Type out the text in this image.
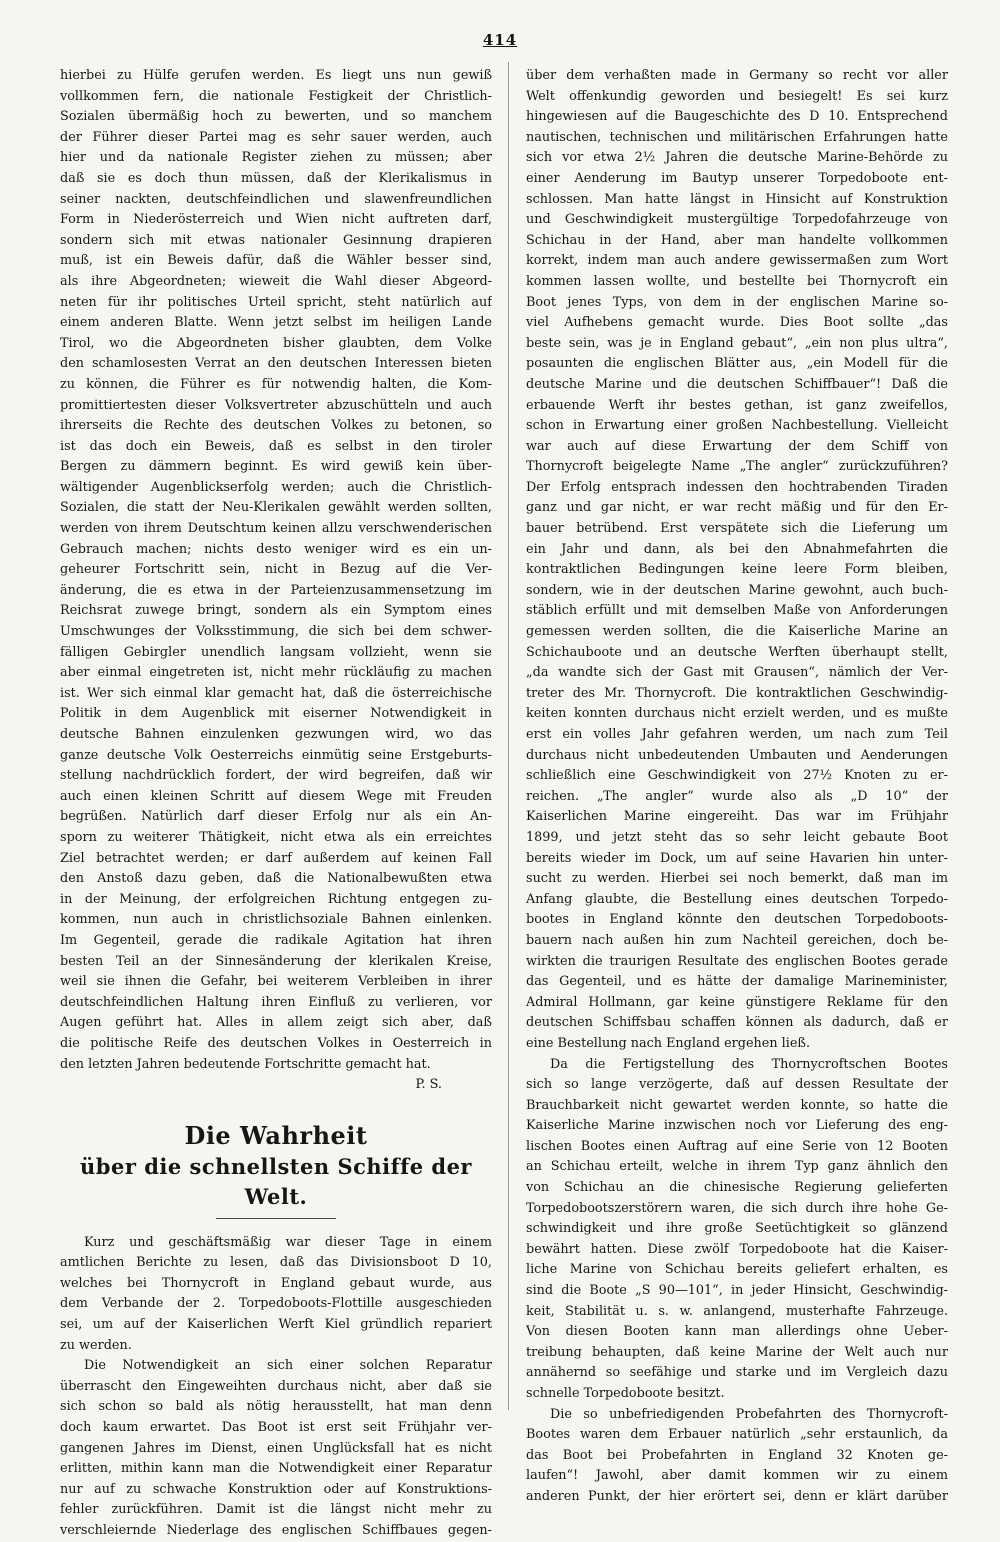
414
hierbei zu Hülfe gerufen werden. Es liegt uns nun gewiß
vollkommen fern, die nationale Festigkeit der Christlich-
Sozialen übermäßig hoch zu bewerten, und so manchem
der Führer dieser Partei mag es sehr sauer werden, auch
hier und da nationale Register ziehen zu müssen; aber
daß sie es doch thun müssen, daß der Klerikalismus in
seiner nackten, deutschfeindlichen und slawenfreundlichen
Form in Niederösterreich und Wien nicht auftreten darf,
sondern sich mit etwas nationaler Gesinnung drapieren
muß, ist ein Beweis dafür, daß die Wähler besser sind,
als ihre Abgeordneten; wieweit die Wahl dieser Abgeord-
neten für ihr politisches Urteil spricht, steht natürlich auf
einem anderen Blatte. Wenn jetzt selbst im heiligen Lande
Tirol, wo die Abgeordneten bisher glaubten, dem Volke
den schamlosesten Verrat an den deutschen Interessen bieten
zu können, die Führer es für notwendig halten, die Kom-
promittiertesten dieser Volksvertreter abzuschütteln und auch
ihrerseits die Rechte des deutschen Volkes zu betonen, so
ist das doch ein Beweis, daß es selbst in den tiroler
Bergen zu dämmern beginnt. Es wird gewiß kein über-
wältigender Augenblickserfolg werden; auch die Christlich-
Sozialen, die statt der Neu-Klerikalen gewählt werden sollten,
werden von ihrem Deutschtum keinen allzu verschwenderischen
Gebrauch machen; nichts desto weniger wird es ein un-
geheurer Fortschritt sein, nicht in Bezug auf die Ver-
änderung, die es etwa in der Parteienzusammensetzung im
Reichsrat zuwege bringt, sondern als ein Symptom eines
Umschwunges der Volksstimmung, die sich bei dem schwer-
fälligen Gebirgler unendlich langsam vollzieht, wenn sie
aber einmal eingetreten ist, nicht mehr rückläufig zu machen
ist. Wer sich einmal klar gemacht hat, daß die österreichische
Politik in dem Augenblick mit eiserner Notwendigkeit in
deutsche Bahnen einzulenken gezwungen wird, wo das
ganze deutsche Volk Oesterreichs einmütig seine Erstgeburts-
stellung nachdrücklich fordert, der wird begreifen, daß wir
auch einen kleinen Schritt auf diesem Wege mit Freuden
begrüßen. Natürlich darf dieser Erfolg nur als ein An-
sporn zu weiterer Thätigkeit, nicht etwa als ein erreichtes
Ziel betrachtet werden; er darf außerdem auf keinen Fall
den Anstoß dazu geben, daß die Nationalbewußten etwa
in der Meinung, der erfolgreichen Richtung entgegen zu-
kommen, nun auch in christlichsoziale Bahnen einlenken.
Im Gegenteil, gerade die radikale Agitation hat ihren
besten Teil an der Sinnesänderung der klerikalen Kreise,
weil sie ihnen die Gefahr, bei weiterem Verbleiben in ihrer
deutschfeindlichen Haltung ihren Einfluß zu verlieren, vor
Augen geführt hat. Alles in allem zeigt sich aber, daß
die politische Reife des deutschen Volkes in Oesterreich in
den letzten Jahren bedeutende Fortschritte gemacht hat.
P. S.
Die Wahrheit
über die schnellsten Schiffe der Welt.
Kurz und geschäftsmäßig war dieser Tage in einem
amtlichen Berichte zu lesen, daß das Divisionsboot D 10,
welches bei Thornycroft in England gebaut wurde, aus
dem Verbande der 2. Torpedoboots-Flottille ausgeschieden
sei, um auf der Kaiserlichen Werft Kiel gründlich repariert
zu werden.
Die Notwendigkeit an sich einer solchen Reparatur
überrascht den Eingeweihten durchaus nicht, aber daß sie
sich schon so bald als nötig herausstellt, hat man denn
doch kaum erwartet. Das Boot ist erst seit Frühjahr ver-
gangenen Jahres im Dienst, einen Unglücksfall hat es nicht
erlitten, mithin kann man die Notwendigkeit einer Reparatur
nur auf zu schwache Konstruktion oder auf Konstruktions-
fehler zurückführen. Damit ist die längst nicht mehr zu
verschleiernde Niederlage des englischen Schiffbaues gegen-
über dem verhaßten made in Germany so recht vor aller
Welt offenkundig geworden und besiegelt! Es sei kurz
hingewiesen auf die Baugeschichte des D 10. Entsprechend
nautischen, technischen und militärischen Erfahrungen hatte
sich vor etwa 2½ Jahren die deutsche Marine-Behörde zu
einer Aenderung im Bautyp unserer Torpedoboote ent-
schlossen. Man hatte längst in Hinsicht auf Konstruktion
und Geschwindigkeit mustergültige Torpedofahrzeuge von
Schichau in der Hand, aber man handelte vollkommen
korrekt, indem man auch andere gewissermaßen zum Wort
kommen lassen wollte, und bestellte bei Thornycroft ein
Boot jenes Typs, von dem in der englischen Marine so-
viel Aufhebens gemacht wurde. Dies Boot sollte „das
beste sein, was je in England gebaut“, „ein non plus ultra“,
posaunten die englischen Blätter aus, „ein Modell für die
deutsche Marine und die deutschen Schiffbauer“! Daß die
erbauende Werft ihr bestes gethan, ist ganz zweifellos,
schon in Erwartung einer großen Nachbestellung. Vielleicht
war auch auf diese Erwartung der dem Schiff von
Thornycroft beigelegte Name „The angler“ zurückzuführen?
Der Erfolg entsprach indessen den hochtrabenden Tiraden
ganz und gar nicht, er war recht mäßig und für den Er-
bauer betrübend. Erst verspätete sich die Lieferung um
ein Jahr und dann, als bei den Abnahmefahrten die
kontraktlichen Bedingungen keine leere Form bleiben,
sondern, wie in der deutschen Marine gewohnt, auch buch-
stäblich erfüllt und mit demselben Maße von Anforderungen
gemessen werden sollten, die die Kaiserliche Marine an
Schichauboote und an deutsche Werften überhaupt stellt,
„da wandte sich der Gast mit Grausen“, nämlich der Ver-
treter des Mr. Thornycroft. Die kontraktlichen Geschwindig-
keiten konnten durchaus nicht erzielt werden, und es mußte
erst ein volles Jahr gefahren werden, um nach zum Teil
durchaus nicht unbedeutenden Umbauten und Aenderungen
schließlich eine Geschwindigkeit von 27½ Knoten zu er-
reichen. „The angler“ wurde also als „D 10“ der
Kaiserlichen Marine eingereiht. Das war im Frühjahr
1899, und jetzt steht das so sehr leicht gebaute Boot
bereits wieder im Dock, um auf seine Havarien hin unter-
sucht zu werden. Hierbei sei noch bemerkt, daß man im
Anfang glaubte, die Bestellung eines deutschen Torpedo-
bootes in England könnte den deutschen Torpedoboots-
bauern nach außen hin zum Nachteil gereichen, doch be-
wirkten die traurigen Resultate des englischen Bootes gerade
das Gegenteil, und es hätte der damalige Marineminister,
Admiral Hollmann, gar keine günstigere Reklame für den
deutschen Schiffsbau schaffen können als dadurch, daß er
eine Bestellung nach England ergehen ließ.
Da die Fertigstellung des Thornycroftschen Bootes
sich so lange verzögerte, daß auf dessen Resultate der
Brauchbarkeit nicht gewartet werden konnte, so hatte die
Kaiserliche Marine inzwischen noch vor Lieferung des eng-
lischen Bootes einen Auftrag auf eine Serie von 12 Booten
an Schichau erteilt, welche in ihrem Typ ganz ähnlich den
von Schichau an die chinesische Regierung gelieferten
Torpedobootszerstörern waren, die sich durch ihre hohe Ge-
schwindigkeit und ihre große Seetüchtigkeit so glänzend
bewährt hatten. Diese zwölf Torpedoboote hat die Kaiser-
liche Marine von Schichau bereits geliefert erhalten, es
sind die Boote „S 90—101“, in jeder Hinsicht, Geschwindig-
keit, Stabilität u. s. w. anlangend, musterhafte Fahrzeuge.
Von diesen Booten kann man allerdings ohne Ueber-
treibung behaupten, daß keine Marine der Welt auch nur
annähernd so seefähige und starke und im Vergleich dazu
schnelle Torpedoboote besitzt.
Die so unbefriedigenden Probefahrten des Thornycroft-
Bootes waren dem Erbauer natürlich „sehr erstaunlich, da
das Boot bei Probefahrten in England 32 Knoten ge-
laufen“! Jawohl, aber damit kommen wir zu einem
anderen Punkt, der hier erörtert sei, denn er klärt darüber
